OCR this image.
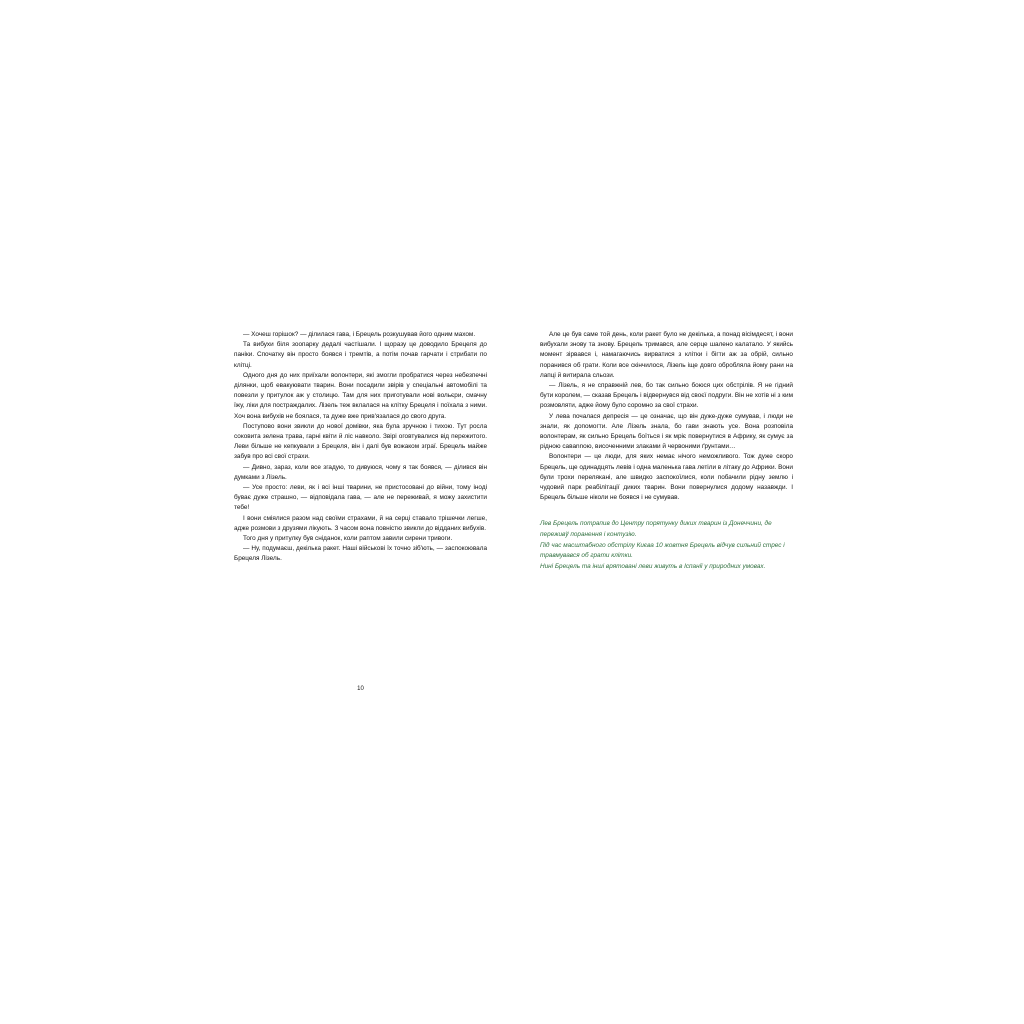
— Хочеш горішок? — ділилася гава, і Брецель розкушував його одним махом.

Та вибухи біля зоопарку дедалі частішали. І щоразу це доводило Брецеля до паніки. Спочатку він просто боявся і тремтів, а потім почав гарчати і стрибати по клітці.

Одного дня до них приїхали волонтери, які змогли пробратися через небезпечні ділянки, щоб евакуювати тварин. Вони посадили звірів у спеціальні автомобілі та повезли у притулок аж у столицю. Там для них приготували нові вольєри, смачну їжу, ліки для постраждалих. Лізель теж вклалася на клітку Брецеля і поїхала з ними. Хоч вона вибухів не боялася, та дуже вже прив'язалася до свого друга.

Поступово вони звикли до нової домівки, яка була зручною і тихою. Тут росла соковита зелена трава, гарні квіти й ліс навколо. Звірі оговтувалися від пережитого. Леви більше не кепкували з Брецеля, він і далі був вожаком зграї. Брецель майже забув про всі свої страхи.

— Дивно, зараз, коли все згадую, то дивуюся, чому я так боявся, — ділився він думками з Лізель.

— Усе просто: леви, як і всі інші тварини, не пристосовані до війни, тому іноді буває дуже страшно, — відповідала гава, — але не переживай, я можу захистити тебе!

І вони сміялися разом над своїми страхами, й на серці ставало трішечки легше, адже розмови з друзями лікують. З часом вона повністю звикли до відданих вибухів.

Того дня у притулку був сніданок, коли раптом завили сирени тривоги.

— Ну, подумаєш, декілька ракет. Наші військові їх точно зіб'ють, — заспокоювала Брецеля Лізель.

10

Але це був саме той день, коли ракет було не декілька, а понад вісімдесят, і вони вибухали знову та знову. Брецель тримався, але серце шалено калатало. У якийсь момент зірвався і, намагаючись вирватися з клітки і бігти аж за обрій, сильно поранився об грати. Коли все скінчилося, Лізель іще довго обробляла йому рани на лапці й витирала сльози.

— Лізель, я не справжній лев, бо так сильно боюся цих обстрілів. Я не гідний бути королем, — сказав Брецель і відвернувся від своєї подруги. Він не хотів ні з ким розмовляти, адже йому було соромно за свої страхи.

У лева почалася депресія — це означає, що він дуже-дуже сумував, і люди не знали, як допомогти. Але Лізель знала, бо гави знають усе. Вона розповіла волонтерам, як сильно Брецель боїться і як мріє повернутися в Африку, як сумує за рідною савannoю, височенними злаками й червоними ґрунтами…

Волонтери — це люди, для яких немає нічого неможливого. Тож дуже скоро Брецель, ще одинадцять левів і одна маленька гава летіли в літаку до Африки. Вони були трохи перелякані, але швидко заспокоїлися, коли побачили рідну землю і чудовий парк реабілітації диких тварин. Вони повернулися додому назавжди. І Брецель більше ніколи не боявся і не сумував.

Лев Брецель потрапив до Центру порятунку диких тварин із Донеччини, де переживў поранення і контузію.

Під час масштабного обстрілу Києва 10 жовтня Брецель відчув сильний стрес і травмувався об грати клітки.

Нині Брецель та інші врятовані леви живуть в Іспанії у природних умовах.
